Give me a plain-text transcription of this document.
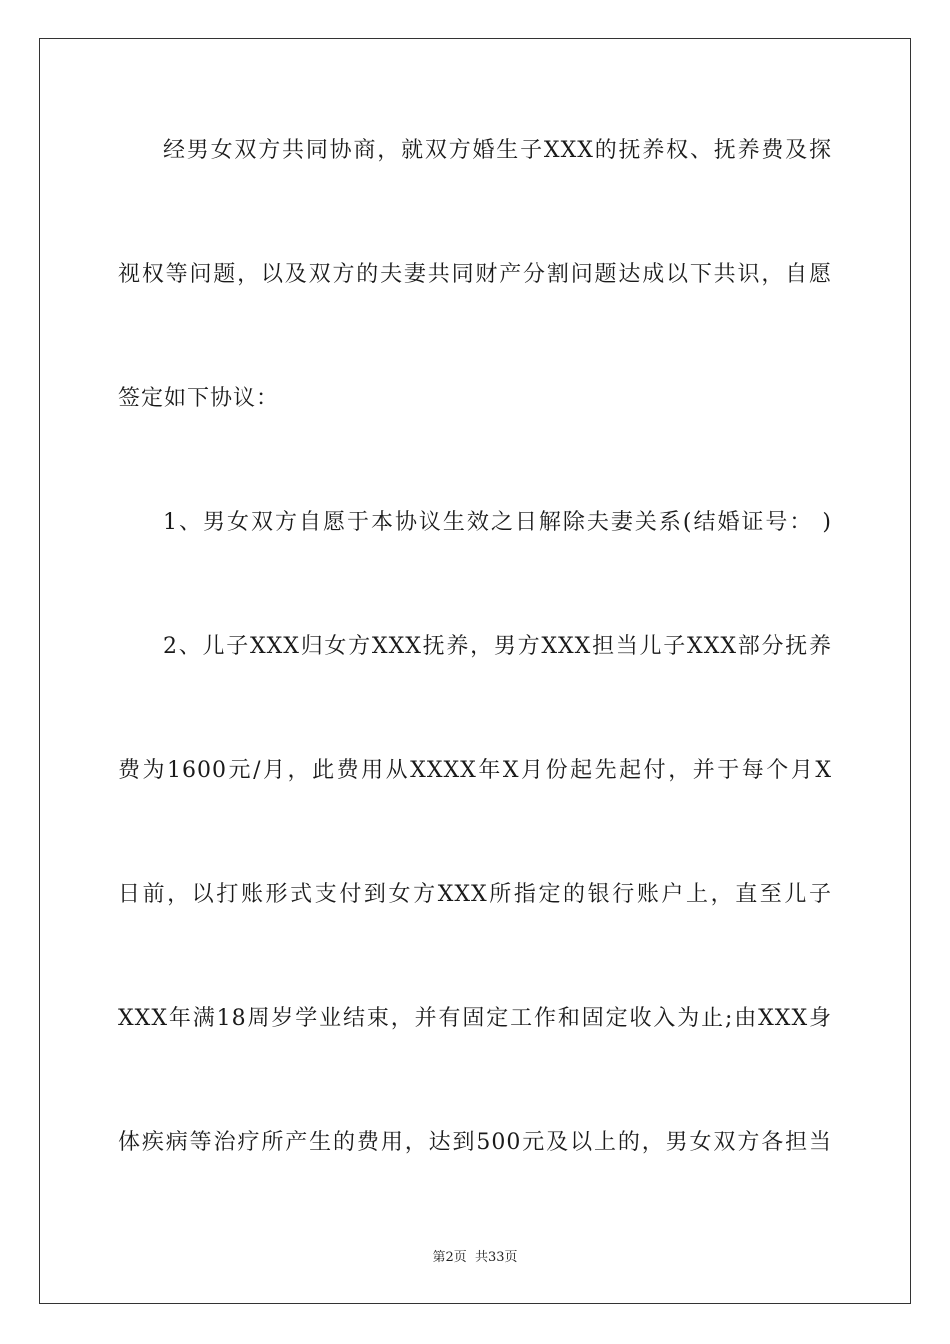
经男女双方共同协商，就双方婚生子XXX的抚养权、抚养费及探
视权等问题，以及双方的夫妻共同财产分割问题达成以下共识，自愿
签定如下协议：
1、男女双方自愿于本协议生效之日解除夫妻关系(结婚证号： )
2、儿子XXX归女方XXX抚养，男方XXX担当儿子XXX部分抚养
费为1600元/月，此费用从XXXX年X月份起先起付，并于每个月X
日前，以打账形式支付到女方XXX所指定的银行账户上，直至儿子
XXX年满18周岁学业结束，并有固定工作和固定收入为止;由XXX身
体疾病等治疗所产生的费用，达到500元及以上的，男女双方各担当
第2页 共33页
